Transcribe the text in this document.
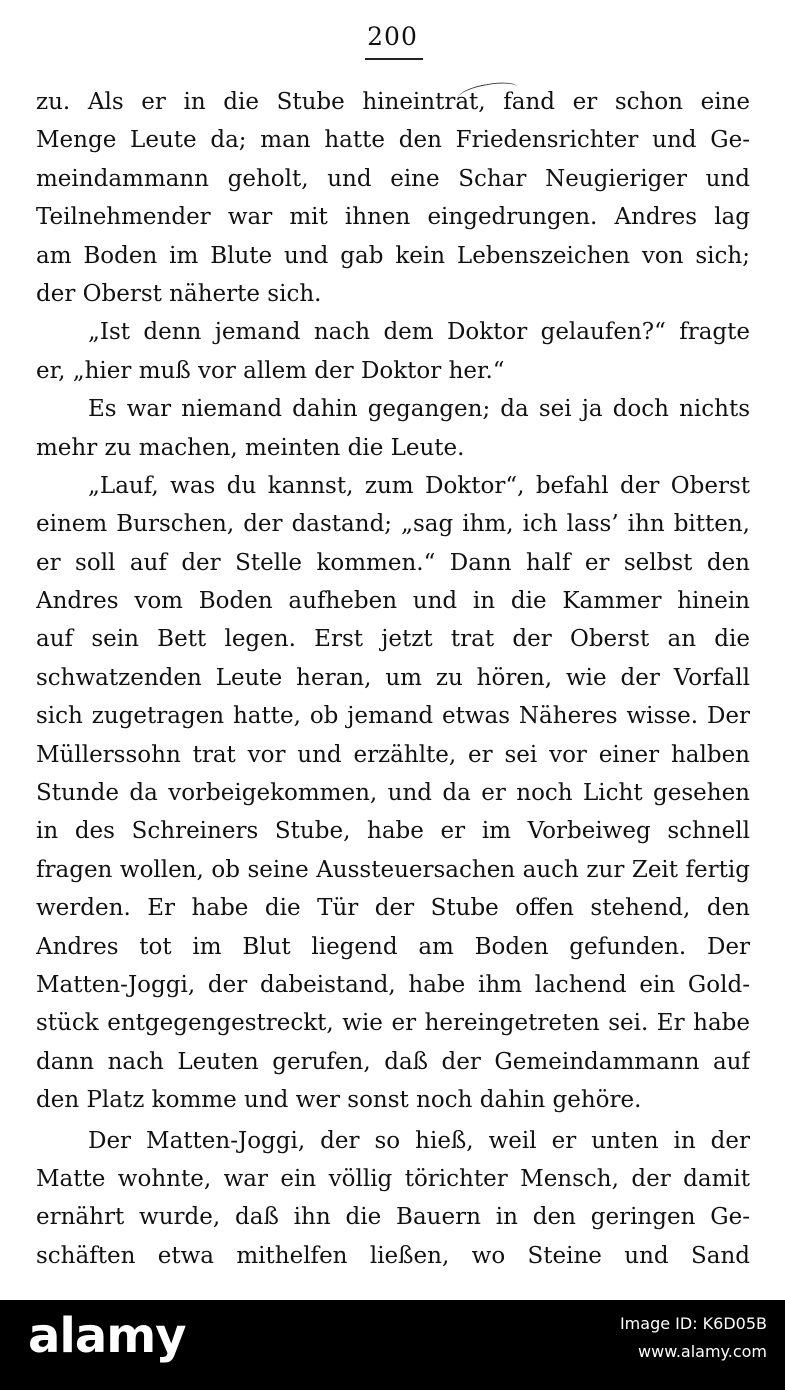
200
zu. Als er in die Stube hineintrat, fand er schon eine
Menge Leute da; man hatte den Friedensrichter und Ge-
meindammann geholt, und eine Schar Neugieriger und
Teilnehmender war mit ihnen eingedrungen. Andres lag
am Boden im Blute und gab kein Lebenszeichen von sich;
der Oberst näherte sich.
„Ist denn jemand nach dem Doktor gelaufen?“ fragte
er, „hier muß vor allem der Doktor her.“
Es war niemand dahin gegangen; da sei ja doch nichts
mehr zu machen, meinten die Leute.
„Lauf, was du kannst, zum Doktor“, befahl der Oberst
einem Burschen, der dastand; „sag ihm, ich lass’ ihn bitten,
er soll auf der Stelle kommen.“ Dann half er selbst den
Andres vom Boden aufheben und in die Kammer hinein
auf sein Bett legen. Erst jetzt trat der Oberst an die
schwatzenden Leute heran, um zu hören, wie der Vorfall
sich zugetragen hatte, ob jemand etwas Näheres wisse. Der
Müllerssohn trat vor und erzählte, er sei vor einer halben
Stunde da vorbeigekommen, und da er noch Licht gesehen
in des Schreiners Stube, habe er im Vorbeiweg schnell
fragen wollen, ob seine Aussteuersachen auch zur Zeit fertig
werden. Er habe die Tür der Stube offen stehend, den
Andres tot im Blut liegend am Boden gefunden. Der
Matten-Joggi, der dabeistand, habe ihm lachend ein Gold-
stück entgegengestreckt, wie er hereingetreten sei. Er habe
dann nach Leuten gerufen, daß der Gemeindammann auf
den Platz komme und wer sonst noch dahin gehöre.
Der Matten-Joggi, der so hieß, weil er unten in der
Matte wohnte, war ein völlig törichter Mensch, der damit
ernährt wurde, daß ihn die Bauern in den geringen Ge-
schäften etwa mithelfen ließen, wo Steine und Sand
alamy	Image ID: K6D05B
www.alamy.com
